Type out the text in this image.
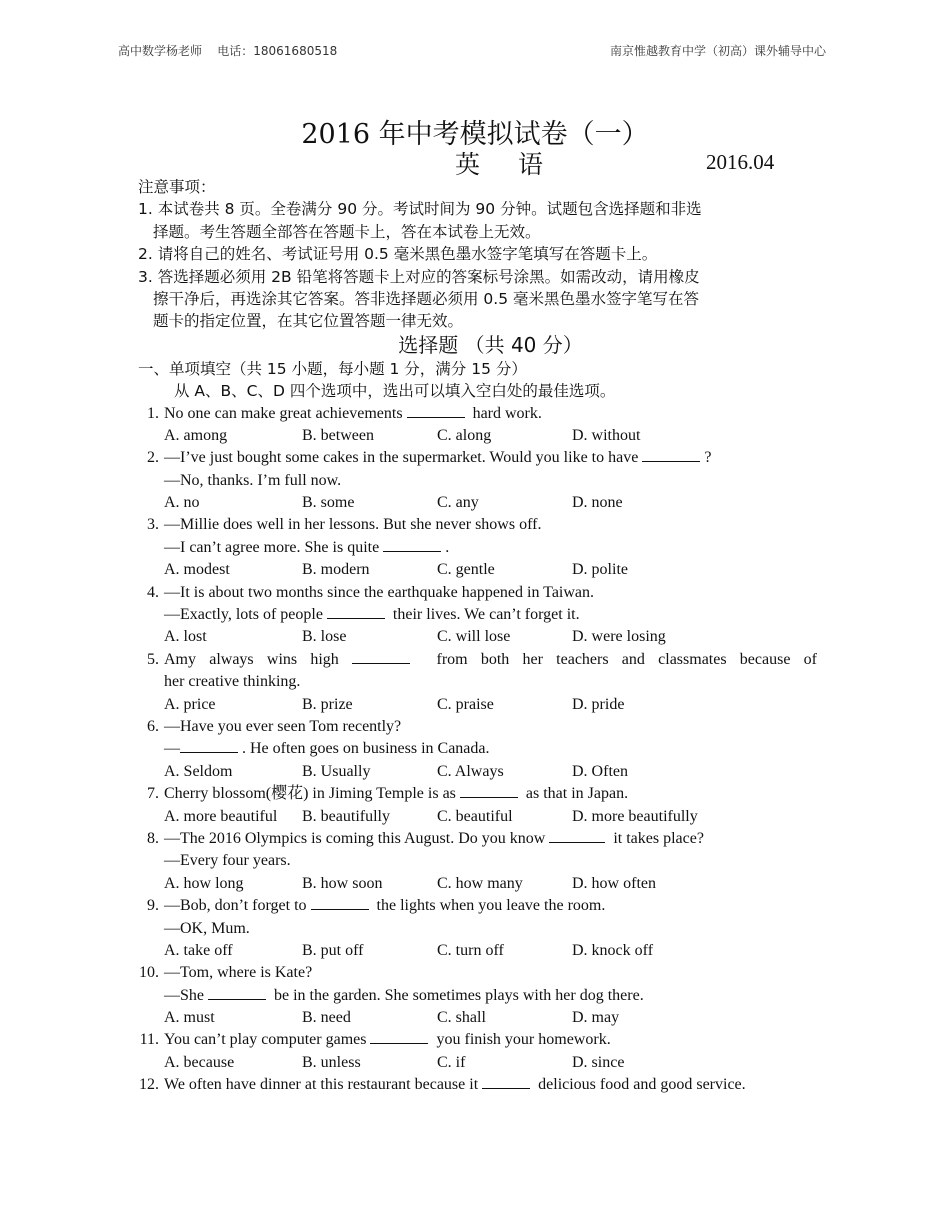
高中数学杨老师    电话：18061680518	南京惟越教育中学（初高）课外辅导中心
2016 年中考模拟试卷（一）
英语	2016.04
注意事项：
1. 本试卷共 8 页。全卷满分 90 分。考试时间为 90 分钟。试题包含选择题和非选
择题。考生答题全部答在答题卡上，答在本试卷上无效。
2. 请将自己的姓名、考试证号用 0.5 毫米黑色墨水签字笔填写在答题卡上。
3. 答选择题必须用 2B 铅笔将答题卡上对应的答案标号涂黑。如需改动，请用橡皮
擦干净后，再选涂其它答案。答非选择题必须用 0.5 毫米黑色墨水签字笔写在答
题卡的指定位置，在其它位置答题一律无效。
选择题 （共 40 分）
一、单项填空（共 15 小题，每小题 1 分，满分 15 分）
从 A、B、C、D 四个选项中，选出可以填入空白处的最佳选项。
1. No one can make great achievements	hard work.
A. among	B. between	C. along	D. without
2. —I’ve just bought some cakes in the supermarket. Would you like to have	?
—No, thanks. I’m full now.
A. no	B. some	C. any	D. none
3. —Millie does well in her lessons. But she never shows off.
—I can’t agree more. She is quite	.
A. modest	B. modern	C. gentle	D. polite
4. —It is about two months since the earthquake happened in Taiwan.
—Exactly, lots of people	their lives. We can’t forget it.
A. lost	B. lose	C. will lose	D. were losing
5. Amy always wins high	from both her teachers and classmates because of
her creative thinking.
A. price	B. prize	C. praise	D. pride
6. —Have you ever seen Tom recently?
—	. He often goes on business in Canada.
A. Seldom	B. Usually	C. Always	D. Often
7. Cherry blossom(樱花) in Jiming Temple is as	as that in Japan.
A. more beautiful B. beautifully	C. beautiful	D. more beautifully
8. —The 2016 Olympics is coming this August. Do you know	it takes place?
—Every four years.
A. how long	B. how soon	C. how many	D. how often
9. —Bob, don’t forget to	the lights when you leave the room.
—OK, Mum.
A. take off	B. put off	C. turn off	D. knock off
10. —Tom, where is Kate?
—She	be in the garden. She sometimes plays with her dog there.
A. must	B. need	C. shall	D. may
11. You can’t play computer games	you finish your homework.
A. because	B. unless	C. if	D. since
12. We often have dinner at this restaurant because it	delicious food and good service.
